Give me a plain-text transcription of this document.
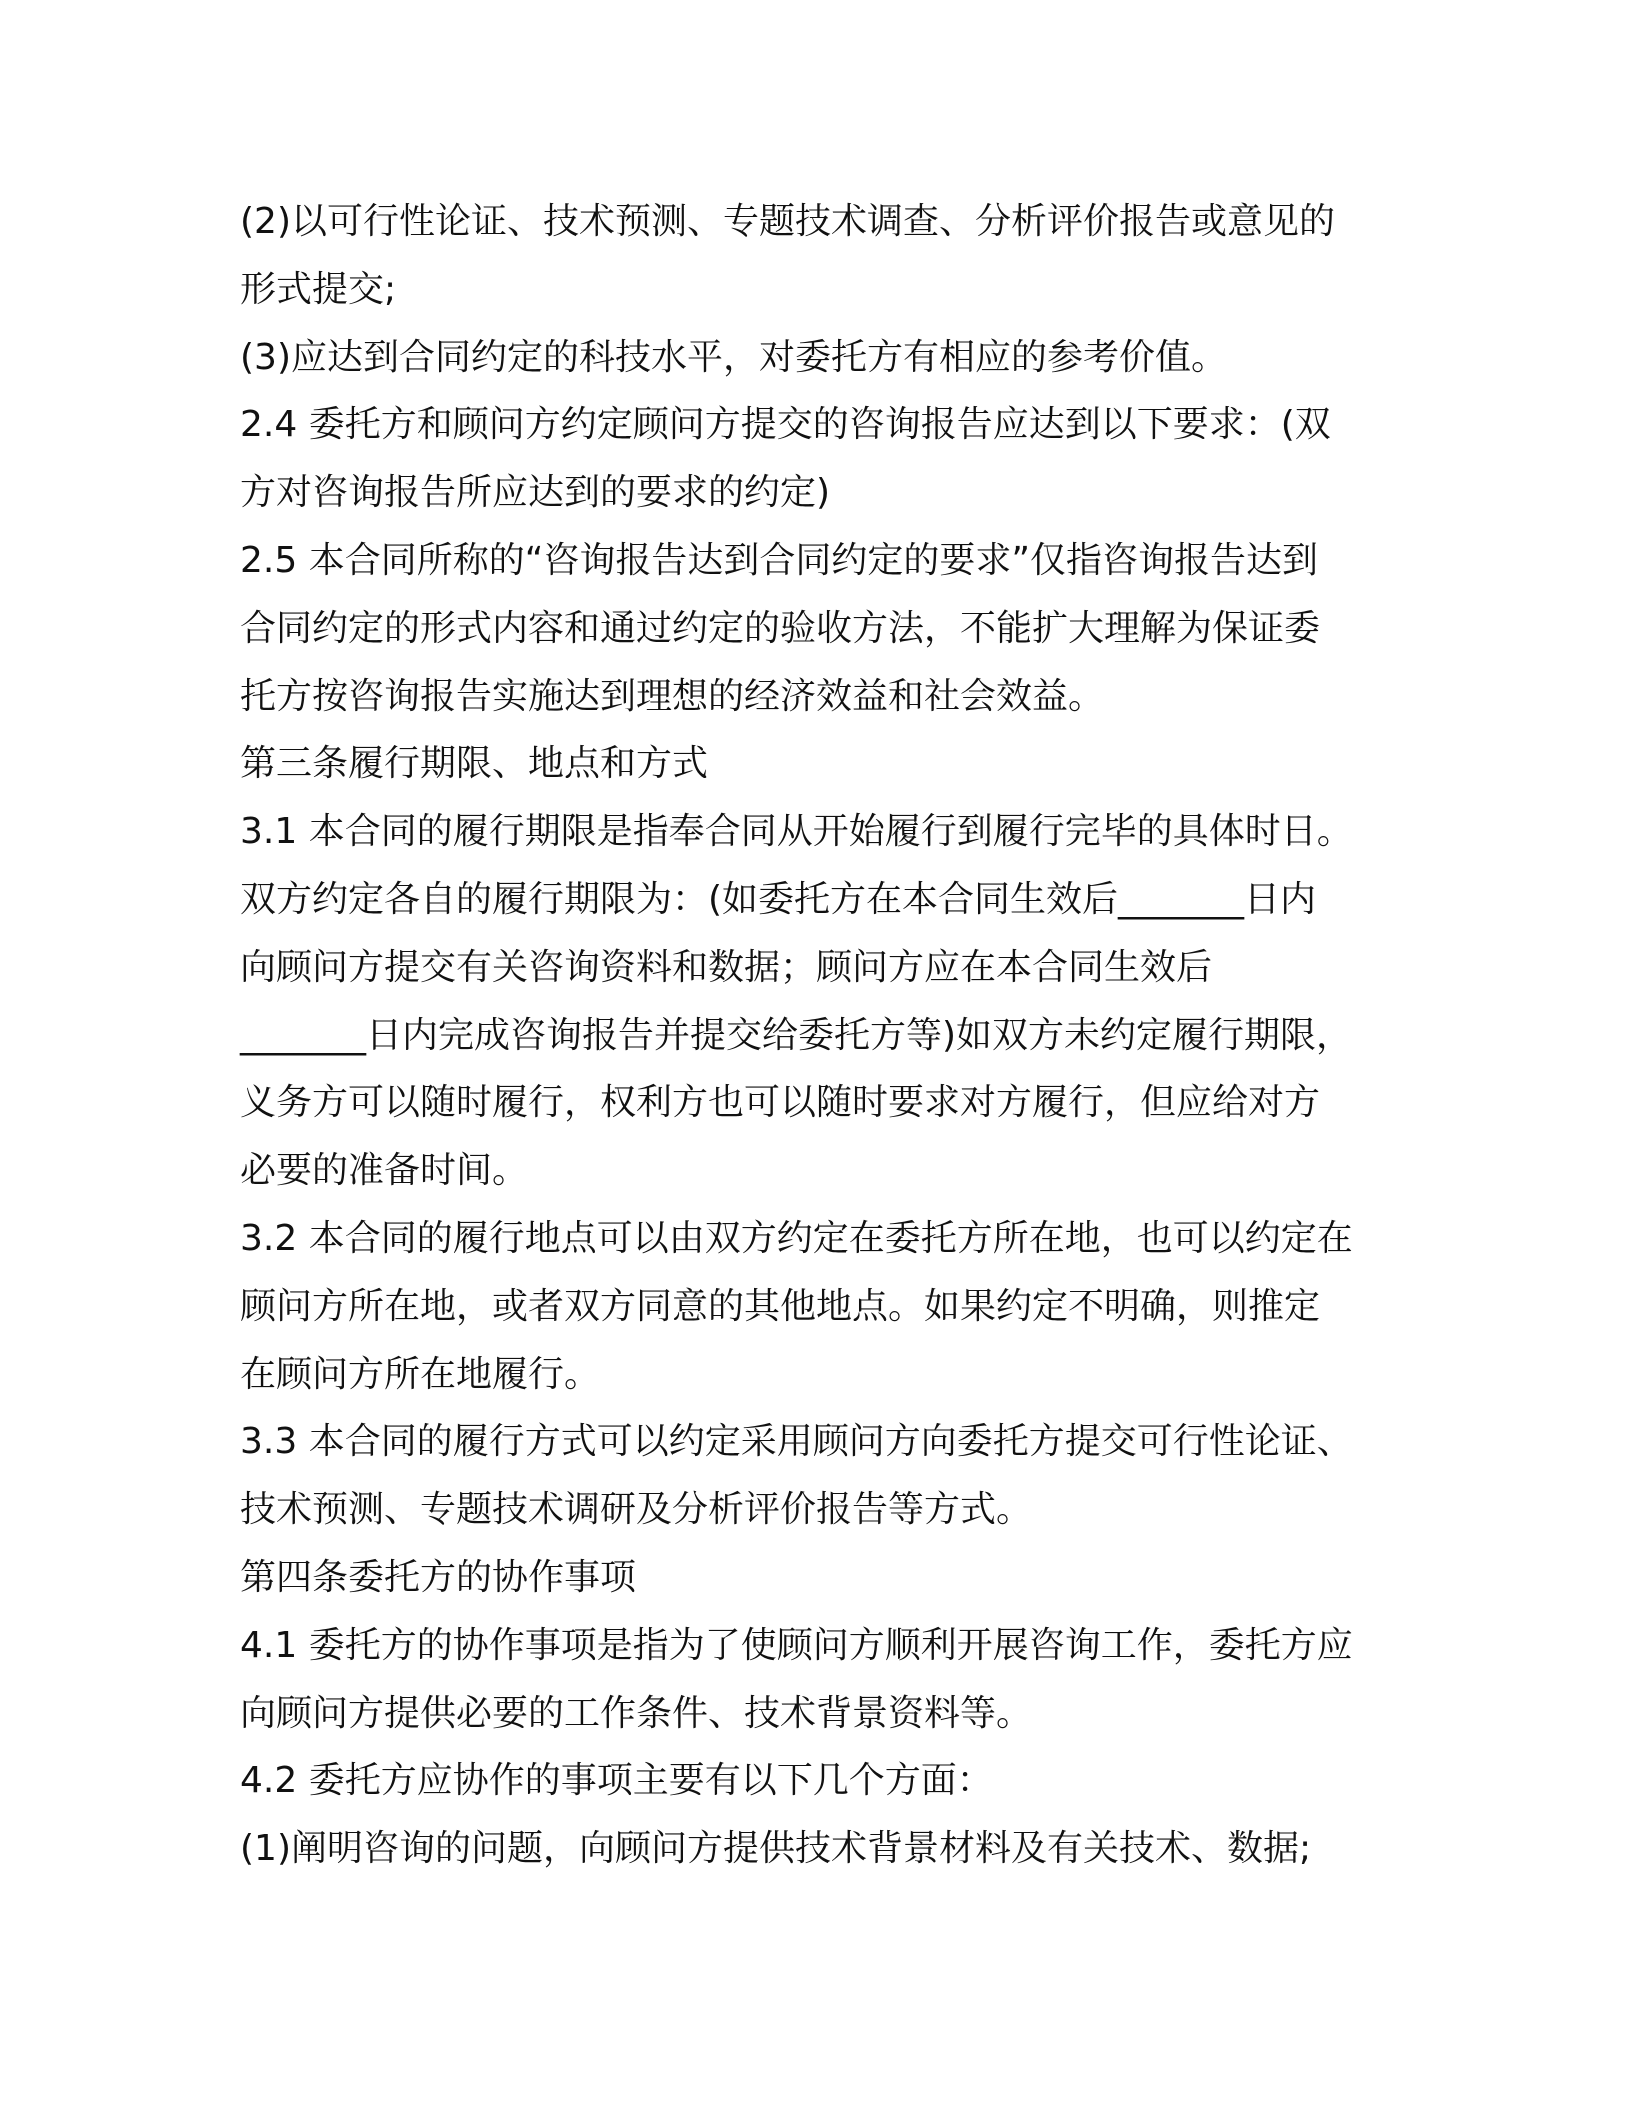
(2)以可行性论证、技术预测、专题技术调查、分析评价报告或意见的
形式提交;
(3)应达到合同约定的科技水平，对委托方有相应的参考价值。
2.4 委托方和顾问方约定顾问方提交的咨询报告应达到以下要求：(双
方对咨询报告所应达到的要求的约定)
2.5 本合同所称的“咨询报告达到合同约定的要求”仅指咨询报告达到
合同约定的形式内容和通过约定的验收方法，不能扩大理解为保证委
托方按咨询报告实施达到理想的经济效益和社会效益。
第三条履行期限、地点和方式
3.1 本合同的履行期限是指奉合同从开始履行到履行完毕的具体时日。
双方约定各自的履行期限为：(如委托方在本合同生效后_______日内
向顾问方提交有关咨询资料和数据；顾问方应在本合同生效后
_______日内完成咨询报告并提交给委托方等)如双方未约定履行期限，
义务方可以随时履行，权利方也可以随时要求对方履行，但应给对方
必要的准备时间。
3.2 本合同的履行地点可以由双方约定在委托方所在地，也可以约定在
顾问方所在地，或者双方同意的其他地点。如果约定不明确，则推定
在顾问方所在地履行。
3.3 本合同的履行方式可以约定采用顾问方向委托方提交可行性论证、
技术预测、专题技术调研及分析评价报告等方式。
第四条委托方的协作事项
4.1 委托方的协作事项是指为了使顾问方顺利开展咨询工作，委托方应
向顾问方提供必要的工作条件、技术背景资料等。
4.2 委托方应协作的事项主要有以下几个方面：
(1)阐明咨询的问题，向顾问方提供技术背景材料及有关技术、数据;
